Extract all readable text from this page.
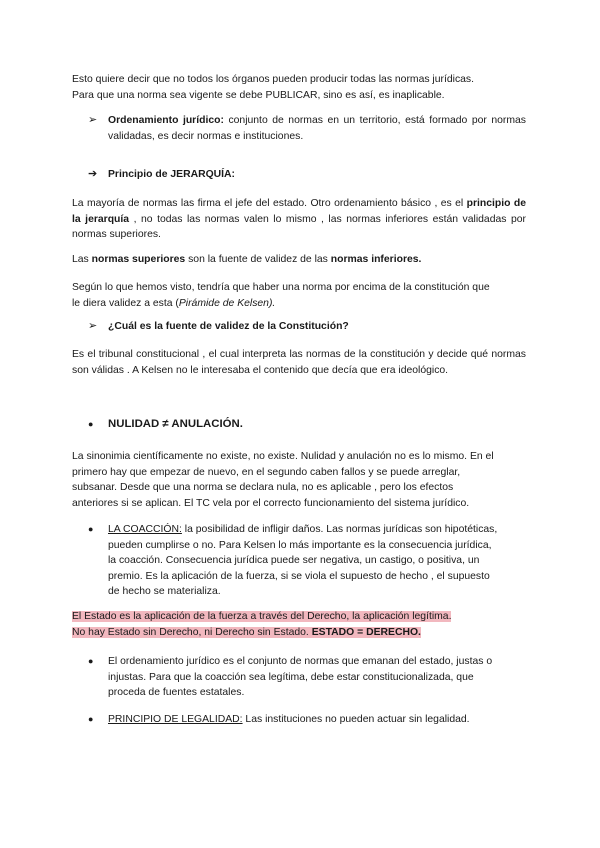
Esto quiere decir que no todos los órganos pueden producir todas las normas jurídicas.

Para que una norma sea vigente se debe PUBLICAR, sino es así, es inaplicable.

➢ Ordenamiento jurídico: conjunto de normas en un territorio, está formado por normas validadas, es decir normas e instituciones.

➔ Principio de JERARQUÍA:

La mayoría de normas las firma el jefe del estado. Otro ordenamiento básico , es el principio de la jerarquía , no todas las normas valen lo mismo , las normas inferiores están validadas por normas superiores.

Las normas superiores son la fuente de validez de las normas inferiores.

Según lo que hemos visto, tendría que haber una norma por encima de la constitución que

le diera validez a esta (Pirámide de Kelsen).

➢ ¿Cuál es la fuente de validez de la Constitución?

Es el tribunal constitucional , el cual interpreta las normas de la constitución y decide qué normas son válidas . A Kelsen no le interesaba el contenido que decía que era ideológico.

● NULIDAD ≠ ANULACIÓN.

La sinonimia científicamente no existe, no existe. Nulidad y anulación no es lo mismo. En el

primero hay que empezar de nuevo, en el segundo caben fallos y se puede arreglar,

subsanar. Desde que una norma se declara nula, no es aplicable , pero los efectos

anteriores si se aplican. El TC vela por el correcto funcionamiento del sistema jurídico.

● LA COACCIÓN: la posibilidad de infligir daños. Las normas jurídicas son hipotéticas,

pueden cumplirse o no. Para Kelsen lo más importante es la consecuencia jurídica,

la coacción. Consecuencia jurídica puede ser negativa, un castigo, o positiva, un

premio. Es la aplicación de la fuerza, si se viola el supuesto de hecho , el supuesto

de hecho se materializa.

El Estado es la aplicación de la fuerza a través del Derecho, la aplicación legítima.

No hay Estado sin Derecho, ni Derecho sin Estado. ESTADO = DERECHO.

● El ordenamiento jurídico es el conjunto de normas que emanan del estado, justas o

injustas. Para que la coacción sea legítima, debe estar constitucionalizada, que

proceda de fuentes estatales.

● PRINCIPIO DE LEGALIDAD: Las instituciones no pueden actuar sin legalidad.
